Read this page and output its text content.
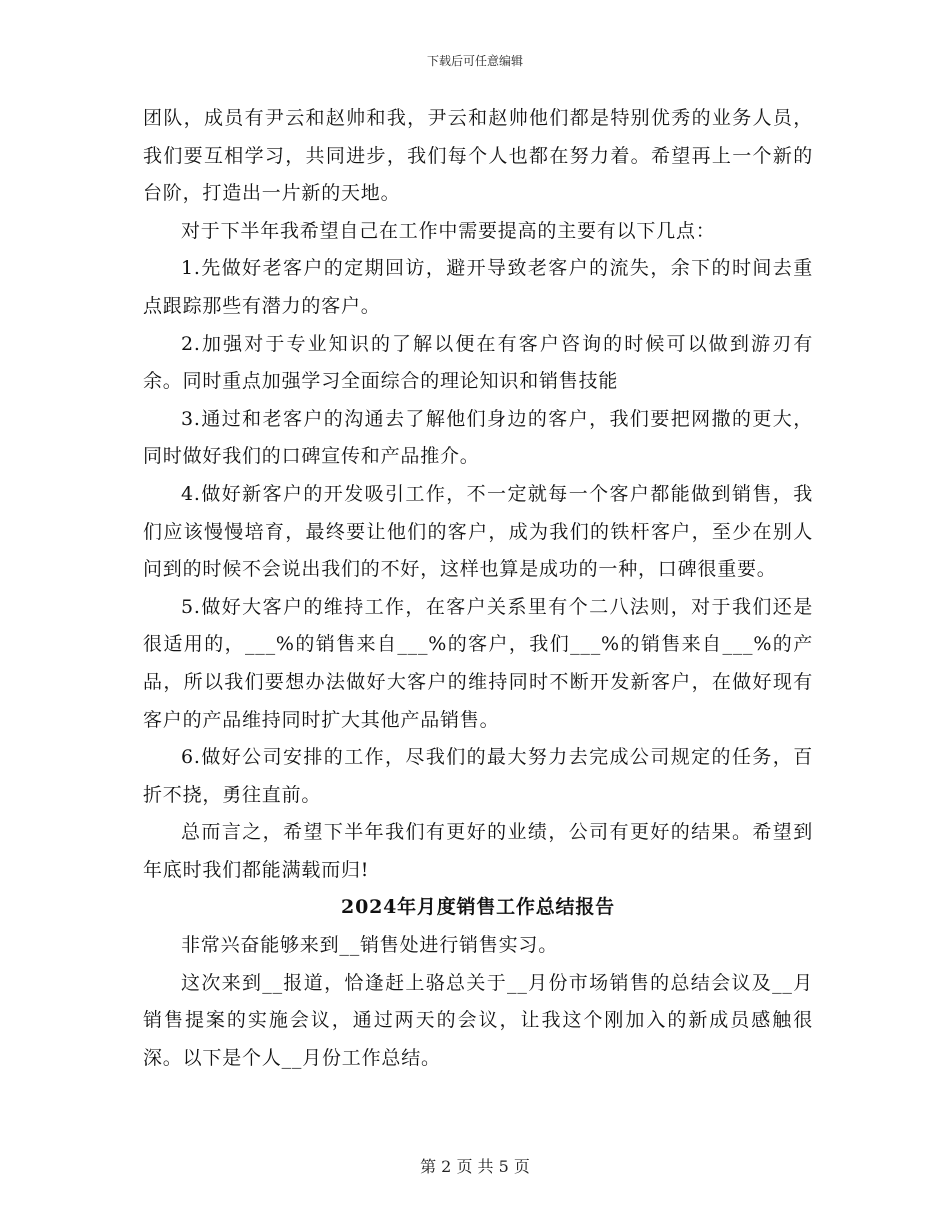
下载后可任意编辑

团队，成员有尹云和赵帅和我，尹云和赵帅他们都是特别优秀的业务人员，我们要互相学习，共同进步，我们每个人也都在努力着。希望再上一个新的台阶，打造出一片新的天地。

对于下半年我希望自己在工作中需要提高的主要有以下几点：

1.先做好老客户的定期回访，避开导致老客户的流失，余下的时间去重点跟踪那些有潜力的客户。

2.加强对于专业知识的了解以便在有客户咨询的时候可以做到游刃有余。同时重点加强学习全面综合的理论知识和销售技能

3.通过和老客户的沟通去了解他们身边的客户，我们要把网撒的更大，同时做好我们的口碑宣传和产品推介。

4.做好新客户的开发吸引工作，不一定就每一个客户都能做到销售，我们应该慢慢培育，最终要让他们的客户，成为我们的铁杆客户，至少在别人问到的时候不会说出我们的不好，这样也算是成功的一种，口碑很重要。

5.做好大客户的维持工作，在客户关系里有个二八法则，对于我们还是很适用的，___%的销售来自___%的客户，我们___%的销售来自___%的产品，所以我们要想办法做好大客户的维持同时不断开发新客户，在做好现有客户的产品维持同时扩大其他产品销售。

6.做好公司安排的工作，尽我们的最大努力去完成公司规定的任务，百折不挠，勇往直前。

总而言之，希望下半年我们有更好的业绩，公司有更好的结果。希望到年底时我们都能满载而归!

2024年月度销售工作总结报告

非常兴奋能够来到__销售处进行销售实习。

这次来到__报道，恰逢赶上骆总关于__月份市场销售的总结会议及__月销售提案的实施会议，通过两天的会议，让我这个刚加入的新成员感触很深。以下是个人__月份工作总结。

第 2 页 共 5 页
